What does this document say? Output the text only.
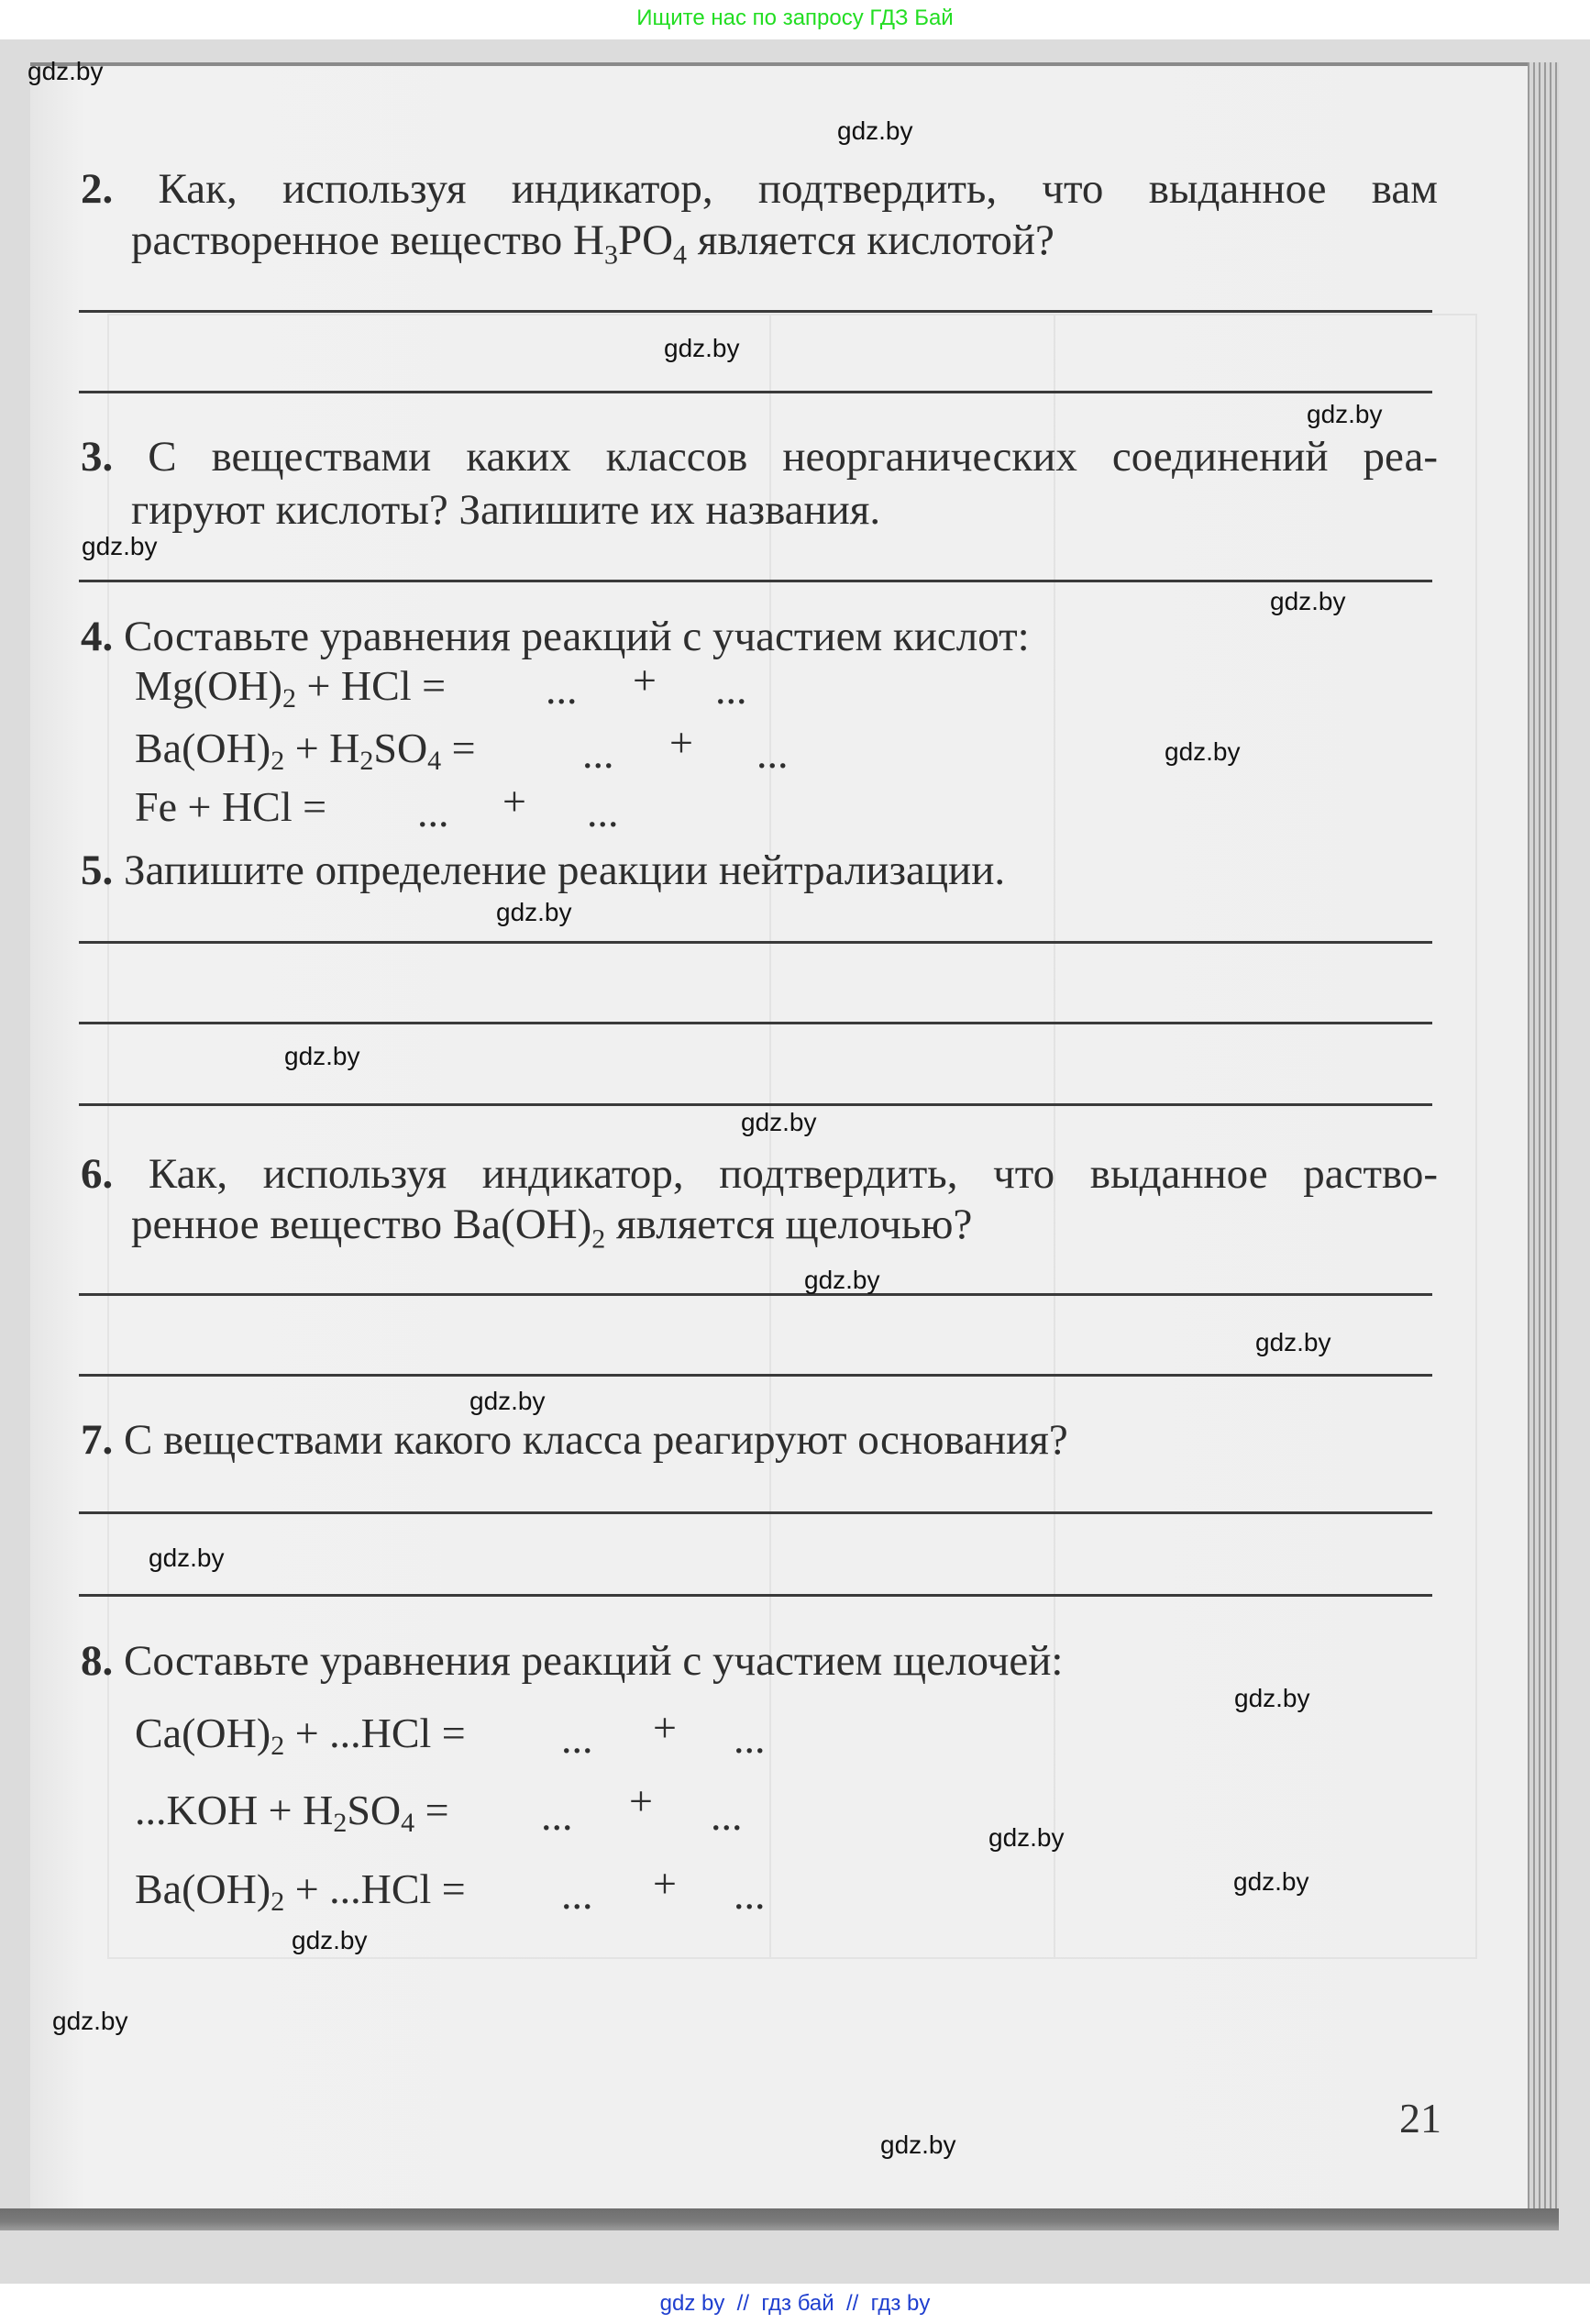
Ищите нас по запросу ГДЗ Бай
2. Как, используя индикатор, подтвердить, что выданное вам
растворенное вещество $H_3PO_4$ является кислотой?
3. С веществами каких классов неорганических соединений реа-
гируют кислоты? Запишите их названия.
4. Составьте уравнения реакций с участием кислот:
$Mg(OH)_2$ + HCl = ... + ...
$Ba(OH)_2 + H_2SO_4$ = ... + ...
Fe + HCl = ... + ...
5. Запишите определение реакции нейтрализации.
6. Как, используя индикатор, подтвердить, что выданное раство-
ренное вещество $Ba(OH)_2$ является щелочью?
7. С веществами какого класса реагируют основания?
8. Составьте уравнения реакций с участием щелочей:
$Ca(OH)_2 + ...HCl$ = ... + ...
$...KOH + H_2SO_4$ = ... + ...
$Ba(OH)_2 + ...HCl$ = ... + ...
21
gdz.by
gdz.by
gdz.by
gdz.by
gdz.by
gdz.by
gdz.by
gdz.by
gdz.by
gdz.by
gdz.by
gdz.by
gdz.by
gdz.by
gdz.by
gdz.by
gdz.by
gdz.by
gdz.by
gdz.by
gdz by  //  гдз бай  //  гдз by
